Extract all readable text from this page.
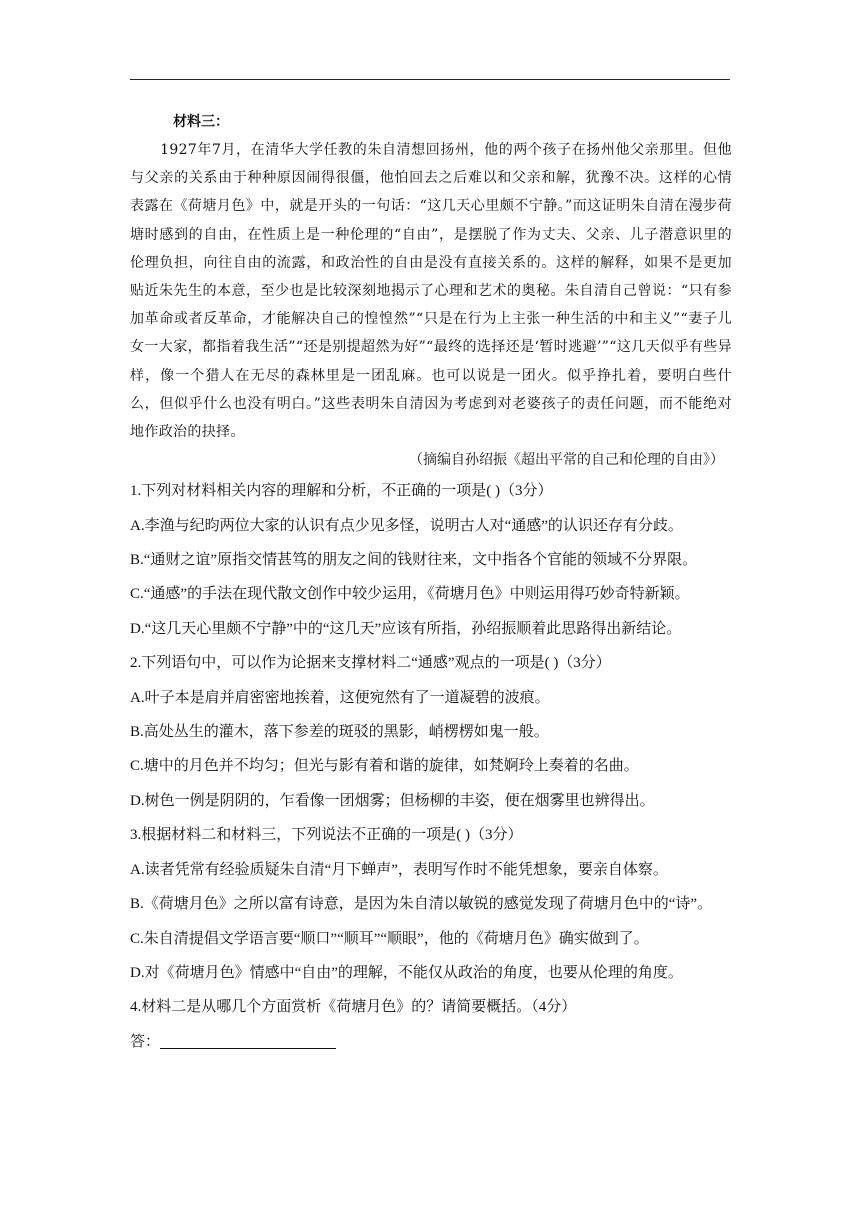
材料三：

1927年7月，在清华大学任教的朱自清想回扬州，他的两个孩子在扬州他父亲那里。但他与父亲的关系由于种种原因闹得很僵，他怕回去之后难以和父亲和解，犹豫不决。这样的心情表露在《荷塘月色》中，就是开头的一句话：“这几天心里颇不宁静。”而这证明朱自清在漫步荷塘时感到的自由，在性质上是一种伦理的“自由”，是摆脱了作为丈夫、父亲、儿子潜意识里的伦理负担，向往自由的流露，和政治性的自由是没有直接关系的。这样的解释，如果不是更加贴近朱先生的本意，至少也是比较深刻地揭示了心理和艺术的奥秘。朱自清自己曾说：“只有参加革命或者反革命，才能解决自己的惶惶然”“只是在行为上主张一种生活的中和主义”“妻子儿女一大家，都指着我生活”“还是别提超然为好”“最终的选择还是‘暂时逃避’”“这几天似乎有些异样，像一个猎人在无尽的森林里是一团乱麻。也可以说是一团火。似乎挣扎着，要明白些什么，但似乎什么也没有明白。”这些表明朱自清因为考虑到对老婆孩子的责任问题，而不能绝对地作政治的抉择。

（摘编自孙绍振《超出平常的自己和伦理的自由》）
1.下列对材料相关内容的理解和分析，不正确的一项是( )（3分）
A.李渔与纪昀两位大家的认识有点少见多怪，说明古人对“通感”的认识还存有分歧。
B.“通财之谊”原指交情甚笃的朋友之间的钱财往来，文中指各个官能的领域不分界限。
C.“通感”的手法在现代散文创作中较少运用，《荷塘月色》中则运用得巧妙奇特新颖。
D.“这几天心里颇不宁静”中的“这几天”应该有所指，孙绍振顺着此思路得出新结论。
2.下列语句中，可以作为论据来支撑材料二“通感”观点的一项是( )（3分）
A.叶子本是肩并肩密密地挨着，这便宛然有了一道凝碧的波痕。
B.高处丛生的灌木，落下参差的斑驳的黑影，峭楞楞如鬼一般。
C.塘中的月色并不均匀；但光与影有着和谐的旋律，如梵婀玲上奏着的名曲。
D.树色一例是阴阴的，乍看像一团烟雾；但杨柳的丰姿，便在烟雾里也辨得出。
3.根据材料二和材料三，下列说法不正确的一项是( )（3分）
A.读者凭常有经验质疑朱自清“月下蝉声”，表明写作时不能凭想象，要亲自体察。
B.《荷塘月色》之所以富有诗意，是因为朱自清以敏锐的感觉发现了荷塘月色中的“诗”。
C.朱自清提倡文学语言要“顺口”“顺耳”“顺眼”，他的《荷塘月色》确实做到了。
D.对《荷塘月色》情感中“自由”的理解，不能仅从政治的角度，也要从伦理的角度。
4.材料二是从哪几个方面赏析《荷塘月色》的？请简要概括。（4分）
答：
